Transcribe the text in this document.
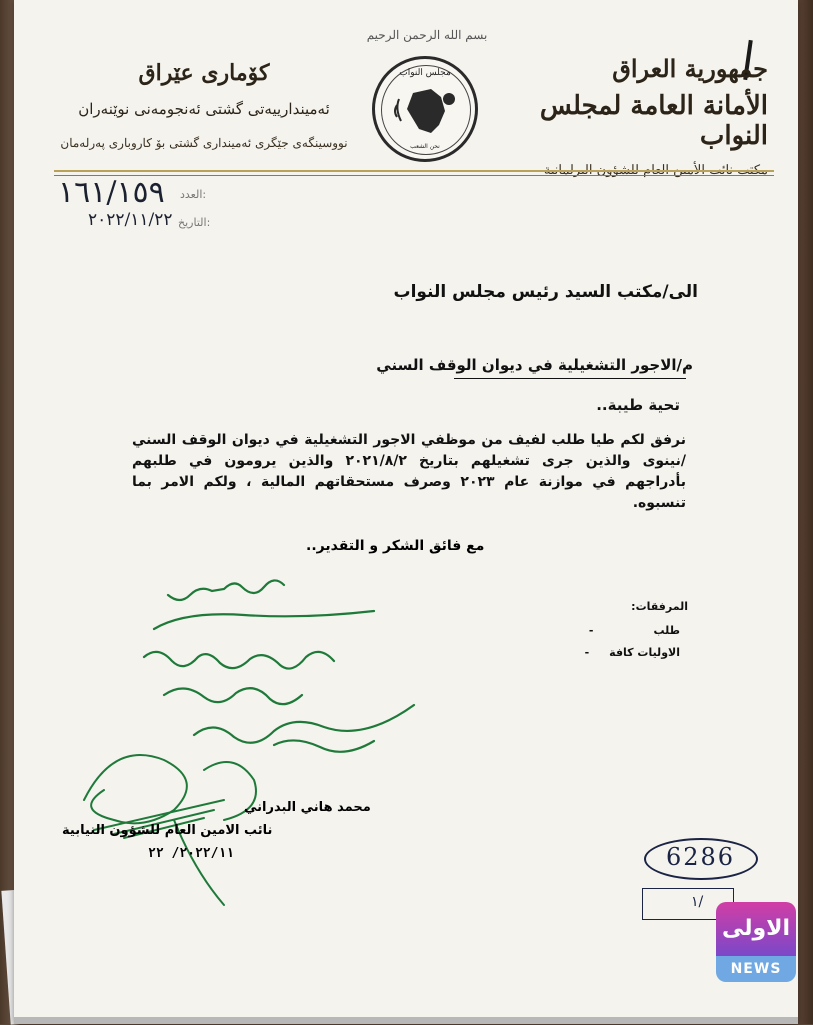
بسم الله الرحمن الرحيم
جمهورية العراق
الأمانة العامة لمجلس النواب
مكتب نائب الأمين العام للشؤون البرلمانية
کۆماری عێراق
ئەمیندارییەتی گشتی ئەنجومەنی نوێنەران
نووسینگەی جێگری ئەمینداری گشتی بۆ کاروباری پەرلەمان
مجلس النواب
نحن الشعب
١٦١/١٥٩ العدد:
٢٠٢٢/١١/٢٢ التاريخ:
الى/مكتب السيد رئيس مجلس النواب
م/الاجور التشغيلية في ديوان الوقف السني
تحية طيبة..
نرفق لكم طيا طلب لفيف من موظفي الاجور التشغيلية في ديوان الوقف السني /نينوى والذين جرى تشغيلهم بتاريخ ٢٠٢١/٨/٢ والذين يرومون في طلبهم بأدراجهم في موازنة عام ٢٠٢٣ وصرف مستحقاتهم المالية ، ولكم الامر بما تنسبوه.
المرفقات:
طلب-
الاوليات كافة-
مع فائق الشكر و التقدير..
محمد هاني البدراني
نائب الامين العام للشؤون النيابية
٢٠٢٢/١١/ ٢٢	6286
١/
الاولى
NEWS
